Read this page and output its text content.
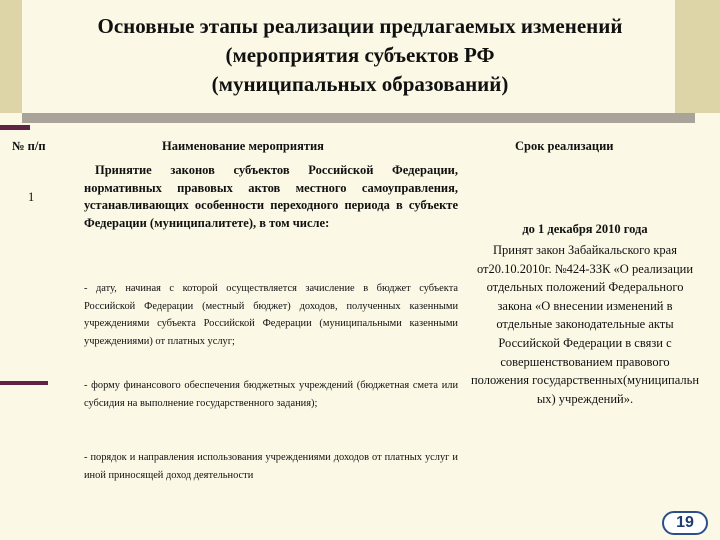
Основные этапы реализации предлагаемых изменений
(мероприятия субъектов РФ
(муниципальных образований)
№ п/п	Наименование мероприятия	Срок реализации
1
Принятие законов субъектов Российской Федерации, нормативных правовых актов местного самоуправления, устанавливающих особенности переходного периода в субъекте Федерации (муниципалитете), в том числе:
- дату, начиная с которой осуществляется зачисление в бюджет субъекта Российской Федерации (местный бюджет) доходов, полученных казенными учреждениями субъекта Российской Федерации (муниципальными казенными учреждениями) от платных услуг;
- форму финансового обеспечения бюджетных учреждений (бюджетная смета или субсидия на выполнение государственного задания);
- порядок и направления использования учреждениями доходов от платных услуг и иной приносящей доход деятельности
до 1 декабря 2010 года
Принят закон Забайкальского края от20.10.2010г. №424-ЗЗК «О реализации отдельных положений Федерального закона «О внесении изменений в отдельные законодательные акты Российской Федерации в связи с совершенствованием правового положения государственных(муниципальн ых) учреждений».
19
